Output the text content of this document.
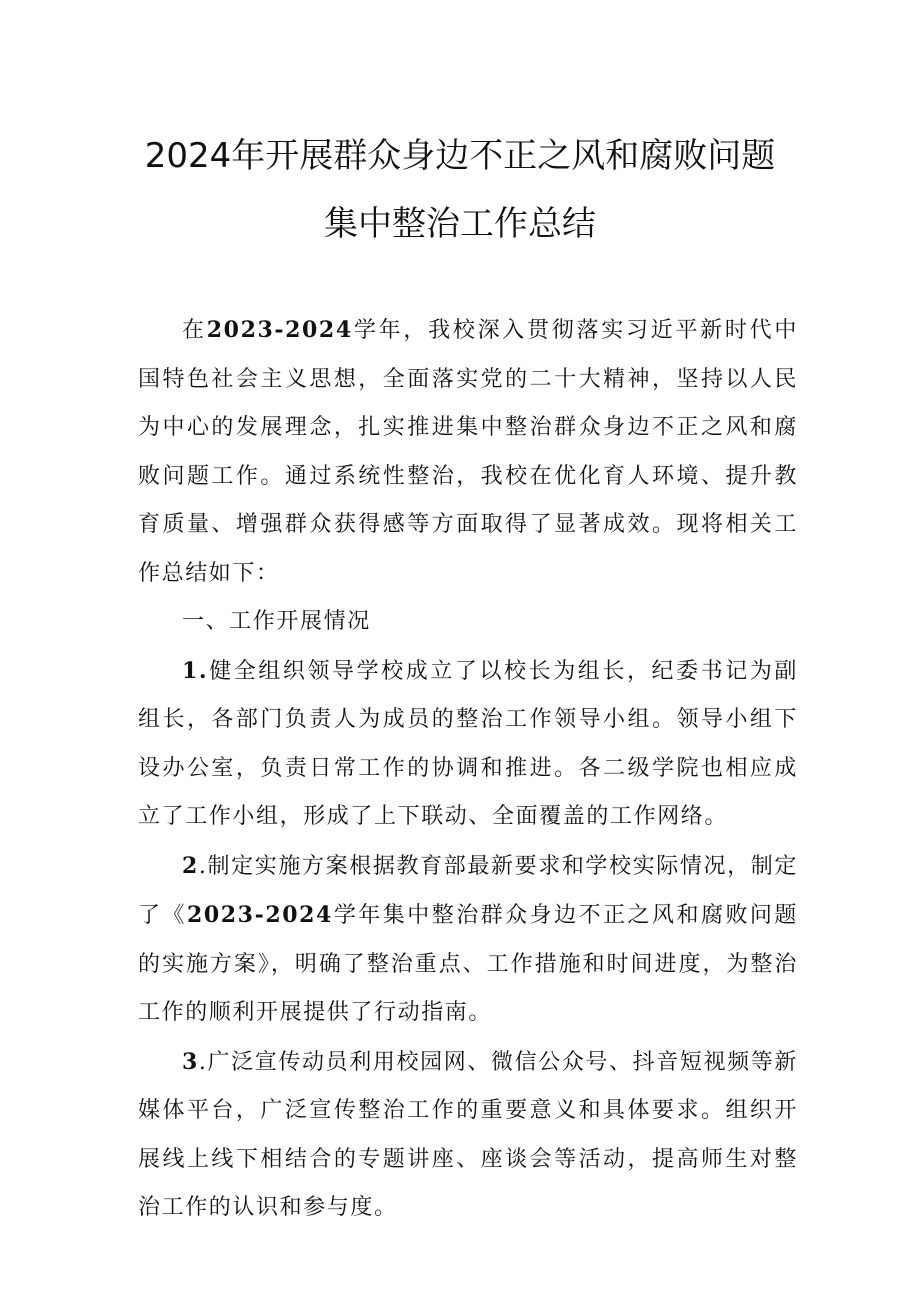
2024年开展群众身边不正之风和腐败问题
集中整治工作总结

在2023-2024学年，我校深入贯彻落实习近平新时代中国特色社会主义思想，全面落实党的二十大精神，坚持以人民为中心的发展理念，扎实推进集中整治群众身边不正之风和腐败问题工作。通过系统性整治，我校在优化育人环境、提升教育质量、增强群众获得感等方面取得了显著成效。现将相关工作总结如下：

一、工作开展情况

1.健全组织领导学校成立了以校长为组长，纪委书记为副组长，各部门负责人为成员的整治工作领导小组。领导小组下设办公室，负责日常工作的协调和推进。各二级学院也相应成立了工作小组，形成了上下联动、全面覆盖的工作网络。

2.制定实施方案根据教育部最新要求和学校实际情况，制定了《2023-2024学年集中整治群众身边不正之风和腐败问题的实施方案》，明确了整治重点、工作措施和时间进度，为整治工作的顺利开展提供了行动指南。

3.广泛宣传动员利用校园网、微信公众号、抖音短视频等新媒体平台，广泛宣传整治工作的重要意义和具体要求。组织开展线上线下相结合的专题讲座、座谈会等活动，提高师生对整治工作的认识和参与度。
